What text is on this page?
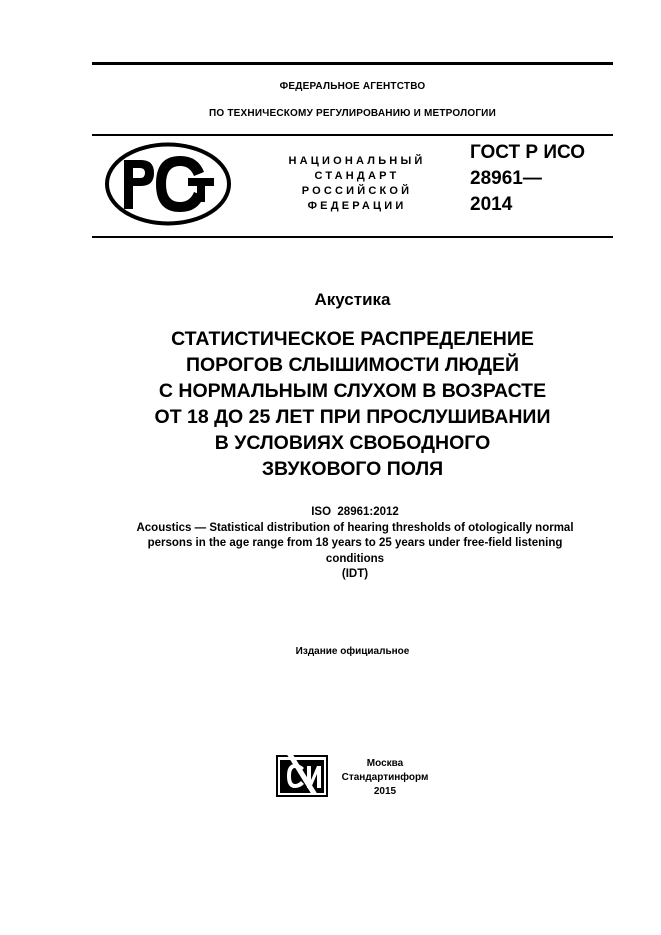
ФЕДЕРАЛЬНОЕ АГЕНТСТВО
ПО ТЕХНИЧЕСКОМУ РЕГУЛИРОВАНИЮ И МЕТРОЛОГИИ
НАЦИОНАЛЬНЫЙ
СТАНДАРТ
РОССИЙСКОЙ
ФЕДЕРАЦИИ
ГОСТ Р ИСО
28961—
2014
Акустика
СТАТИСТИЧЕСКОЕ РАСПРЕДЕЛЕНИЕ
ПОРОГОВ СЛЫШИМОСТИ ЛЮДЕЙ
С НОРМАЛЬНЫМ СЛУХОМ В ВОЗРАСТЕ
ОТ 18 ДО 25 ЛЕТ ПРИ ПРОСЛУШИВАНИИ
В УСЛОВИЯХ СВОБОДНОГО
ЗВУКОВОГО ПОЛЯ
ISO  28961:2012
Acoustics — Statistical distribution of hearing thresholds of otologically normal
persons in the age range from 18 years to 25 years under free-field listening
conditions
(IDT)
Издание официальное
Москва
Стандартинформ
2015
